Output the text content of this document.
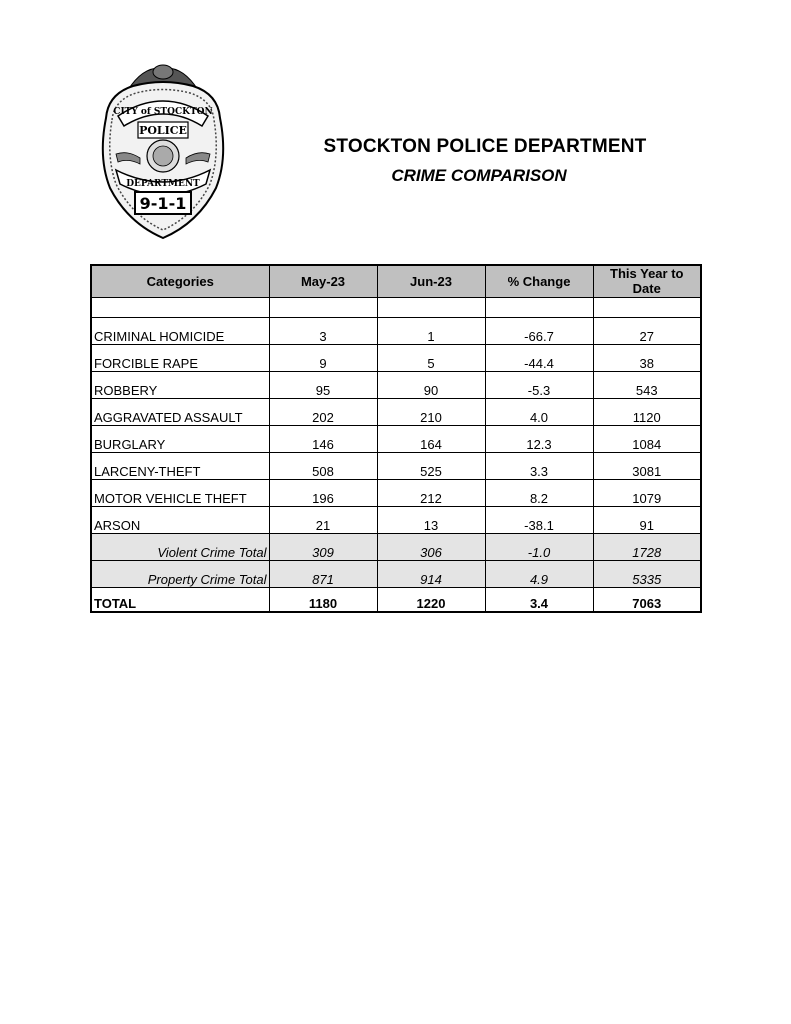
CITY of STOCKTON
POLICE
DEPARTMENT
9-1-1
STOCKTON POLICE DEPARTMENT
CRIME COMPARISON
Categories	May-23	Jun-23	% Change	This Year to Date

CRIMINAL HOMICIDE	3	1	-66.7	27
FORCIBLE RAPE	9	5	-44.4	38
ROBBERY	95	90	-5.3	543
AGGRAVATED ASSAULT	202	210	4.0	1120
BURGLARY	146	164	12.3	1084
LARCENY-THEFT	508	525	3.3	3081
MOTOR VEHICLE THEFT	196	212	8.2	1079
ARSON	21	13	-38.1	91
Violent Crime Total	309	306	-1.0	1728
Property Crime Total	871	914	4.9	5335
TOTAL	1180	1220	3.4	7063
